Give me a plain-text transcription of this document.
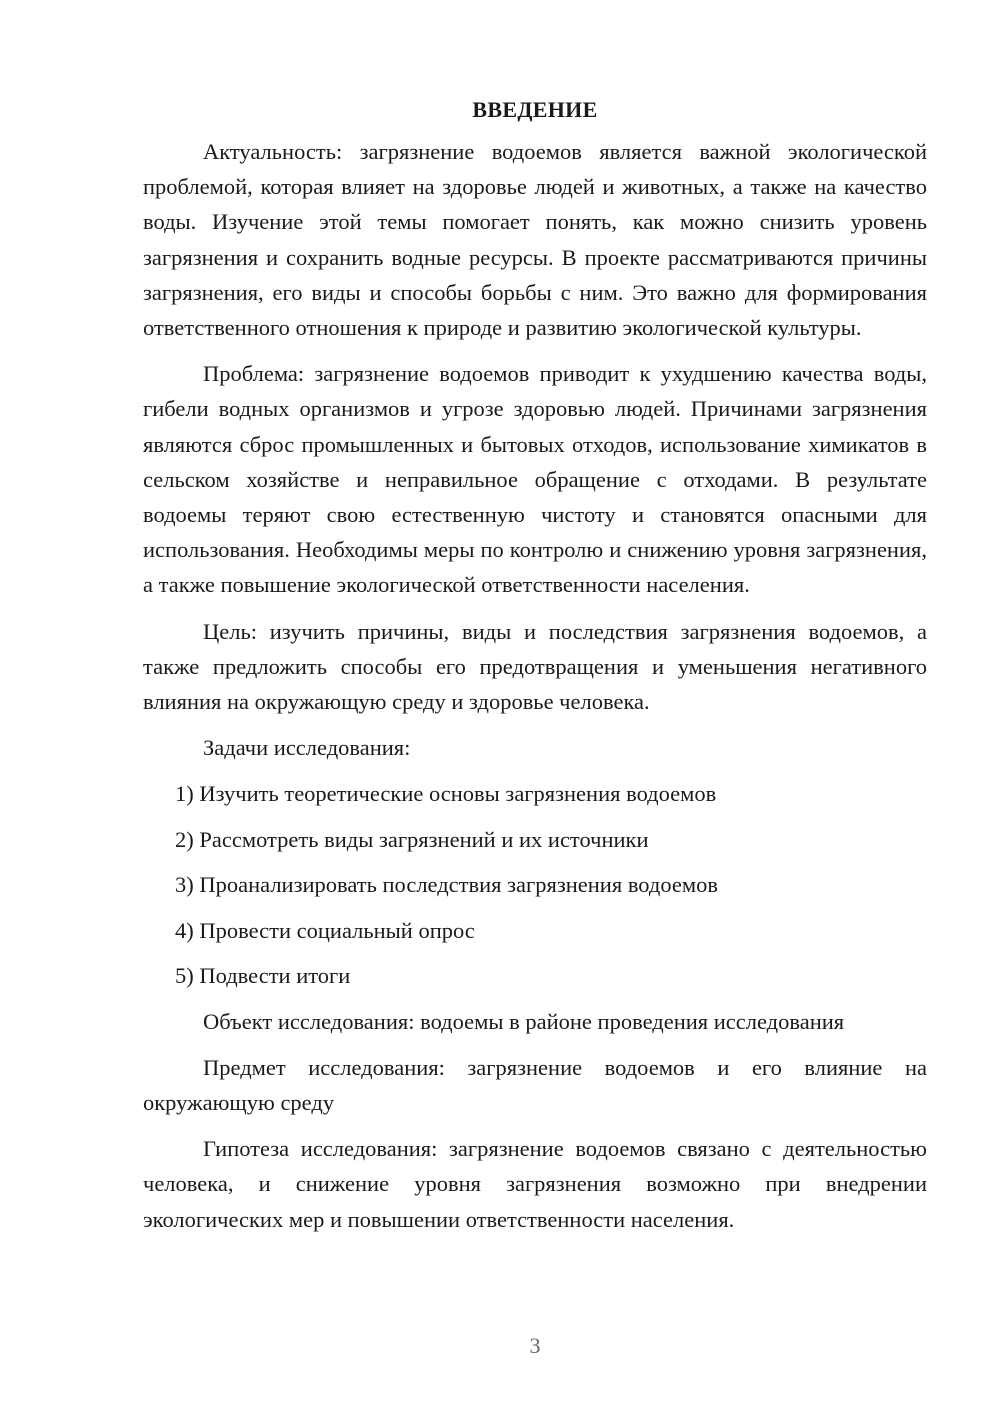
ВВЕДЕНИЕ

Актуальность: загрязнение водоемов является важной экологической проблемой, которая влияет на здоровье людей и животных, а также на качество воды. Изучение этой темы помогает понять, как можно снизить уровень загрязнения и сохранить водные ресурсы. В проекте рассматриваются причины загрязнения, его виды и способы борьбы с ним. Это важно для формирования ответственного отношения к природе и развитию экологической культуры.

Проблема: загрязнение водоемов приводит к ухудшению качества воды, гибели водных организмов и угрозе здоровью людей. Причинами загрязнения являются сброс промышленных и бытовых отходов, использование химикатов в сельском хозяйстве и неправильное обращение с отходами. В результате водоемы теряют свою естественную чистоту и становятся опасными для использования. Необходимы меры по контролю и снижению уровня загрязнения, а также повышение экологической ответственности населения.

Цель: изучить причины, виды и последствия загрязнения водоемов, а также предложить способы его предотвращения и уменьшения негативного влияния на окружающую среду и здоровье человека.

Задачи исследования:

1) Изучить теоретические основы загрязнения водоемов
2) Рассмотреть виды загрязнений и их источники
3) Проанализировать последствия загрязнения водоемов
4) Провести социальный опрос
5) Подвести итоги

Объект исследования: водоемы в районе проведения исследования

Предмет исследования: загрязнение водоемов и его влияние на окружающую среду

Гипотеза исследования: загрязнение водоемов связано с деятельностью человека, и снижение уровня загрязнения возможно при внедрении экологических мер и повышении ответственности населения.

3
